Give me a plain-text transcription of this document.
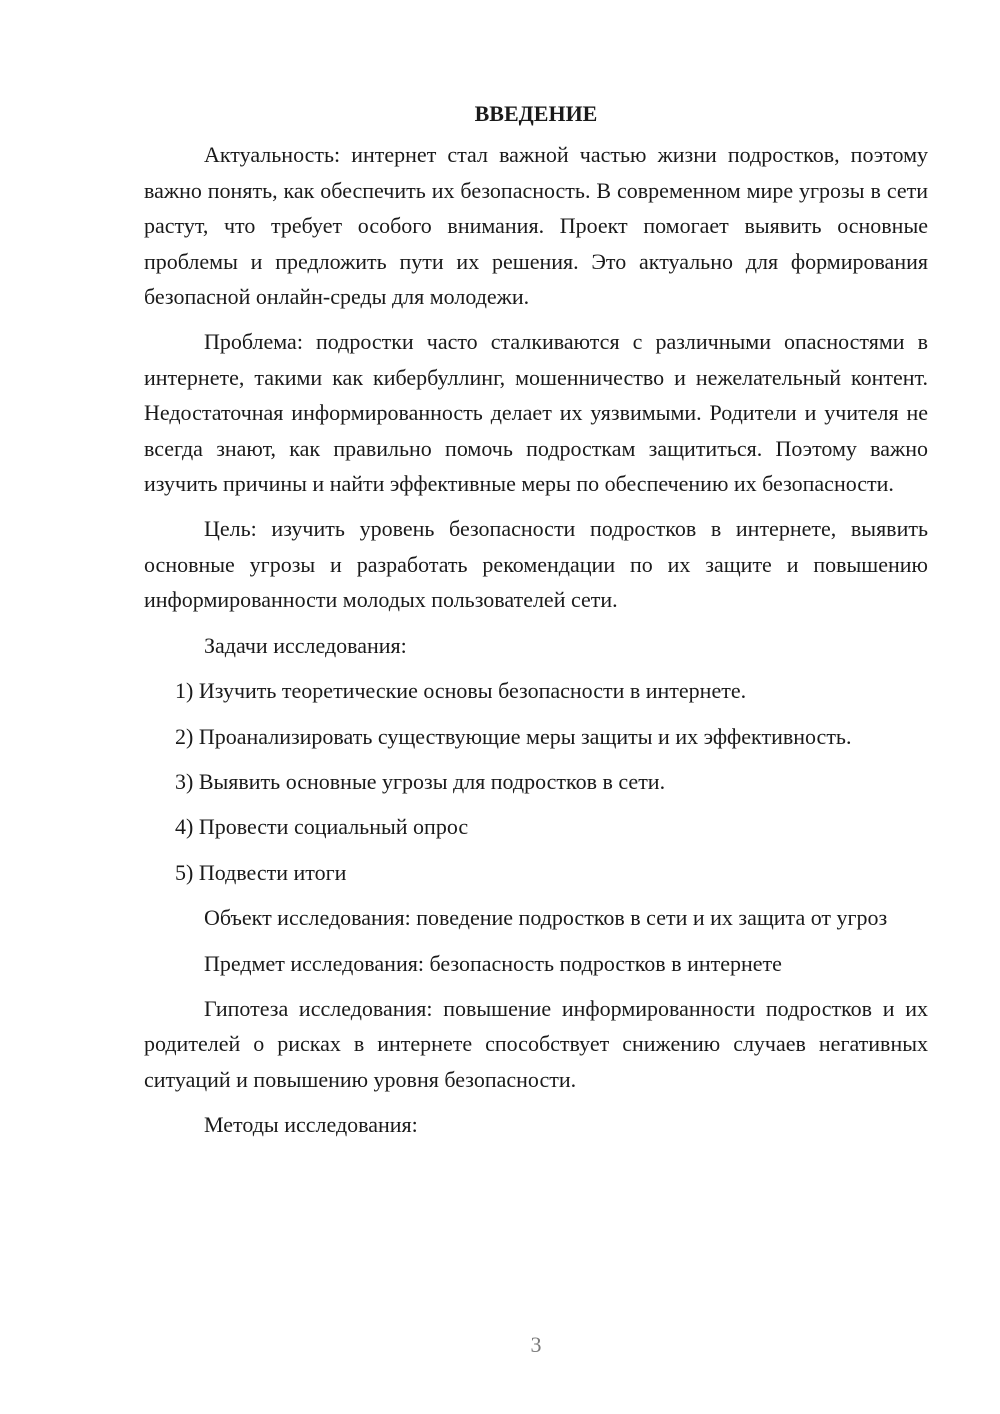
ВВЕДЕНИЕ

Актуальность: интернет стал важной частью жизни подростков, поэтому важно понять, как обеспечить их безопасность. В современном мире угрозы в сети растут, что требует особого внимания. Проект помогает выявить основные проблемы и предложить пути их решения. Это актуально для формирования безопасной онлайн-среды для молодежи.

Проблема: подростки часто сталкиваются с различными опасностями в интернете, такими как кибербуллинг, мошенничество и нежелательный контент. Недостаточная информированность делает их уязвимыми. Родители и учителя не всегда знают, как правильно помочь подросткам защититься. Поэтому важно изучить причины и найти эффективные меры по обеспечению их безопасности.

Цель: изучить уровень безопасности подростков в интернете, выявить основные угрозы и разработать рекомендации по их защите и повышению информированности молодых пользователей сети.

Задачи исследования:

1) Изучить теоретические основы безопасности в интернете.

2) Проанализировать существующие меры защиты и их эффективность.

3) Выявить основные угрозы для подростков в сети.

4) Провести социальный опрос

5) Подвести итоги

Объект исследования: поведение подростков в сети и их защита от угроз

Предмет исследования: безопасность подростков в интернете

Гипотеза исследования: повышение информированности подростков и их родителей о рисках в интернете способствует снижению случаев негативных ситуаций и повышению уровня безопасности.

Методы исследования:

3
